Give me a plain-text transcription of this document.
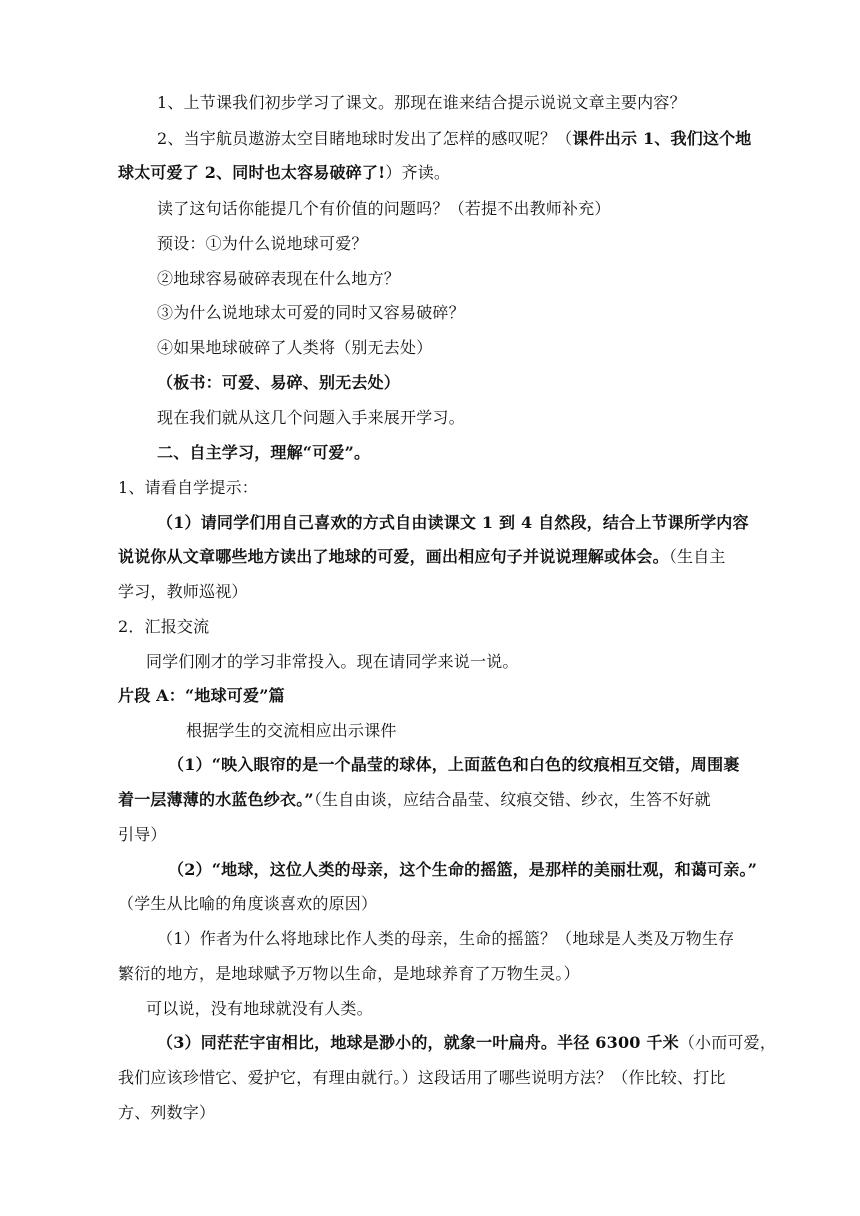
1、上节课我们初步学习了课文。那现在谁来结合提示说说文章主要内容？
2、当宇航员遨游太空目睹地球时发出了怎样的感叹呢？（课件出示 1、我们这个地
球太可爱了 2、同时也太容易破碎了!）齐读。
读了这句话你能提几个有价值的问题吗？（若提不出教师补充）
预设：①为什么说地球可爱？
②地球容易破碎表现在什么地方？
③为什么说地球太可爱的同时又容易破碎？
④如果地球破碎了人类将（别无去处）
（板书：可爱、易碎、别无去处）
现在我们就从这几个问题入手来展开学习。
二、自主学习，理解“可爱”。
1、请看自学提示：
（1）请同学们用自己喜欢的方式自由读课文 1 到 4 自然段，结合上节课所学内容
说说你从文章哪些地方读出了地球的可爱，画出相应句子并说说理解或体会。（生自主
学习，教师巡视）
2．汇报交流
同学们刚才的学习非常投入。现在请同学来说一说。
片段 A：“地球可爱”篇
根据学生的交流相应出示课件
（1）“映入眼帘的是一个晶莹的球体，上面蓝色和白色的纹痕相互交错，周围裹
着一层薄薄的水蓝色纱衣。”（生自由谈，应结合晶莹、纹痕交错、纱衣，生答不好就
引导）
（2）“地球，这位人类的母亲，这个生命的摇篮，是那样的美丽壮观，和蔼可亲。”
（学生从比喻的角度谈喜欢的原因）
（1）作者为什么将地球比作人类的母亲，生命的摇篮？（地球是人类及万物生存
繁衍的地方，是地球赋予万物以生命，是地球养育了万物生灵。）
可以说，没有地球就没有人类。
（3）同茫茫宇宙相比，地球是渺小的，就象一叶扁舟。半径 6300 千米（小而可爱，
我们应该珍惜它、爱护它，有理由就行。）这段话用了哪些说明方法？（作比较、打比
方、列数字）
